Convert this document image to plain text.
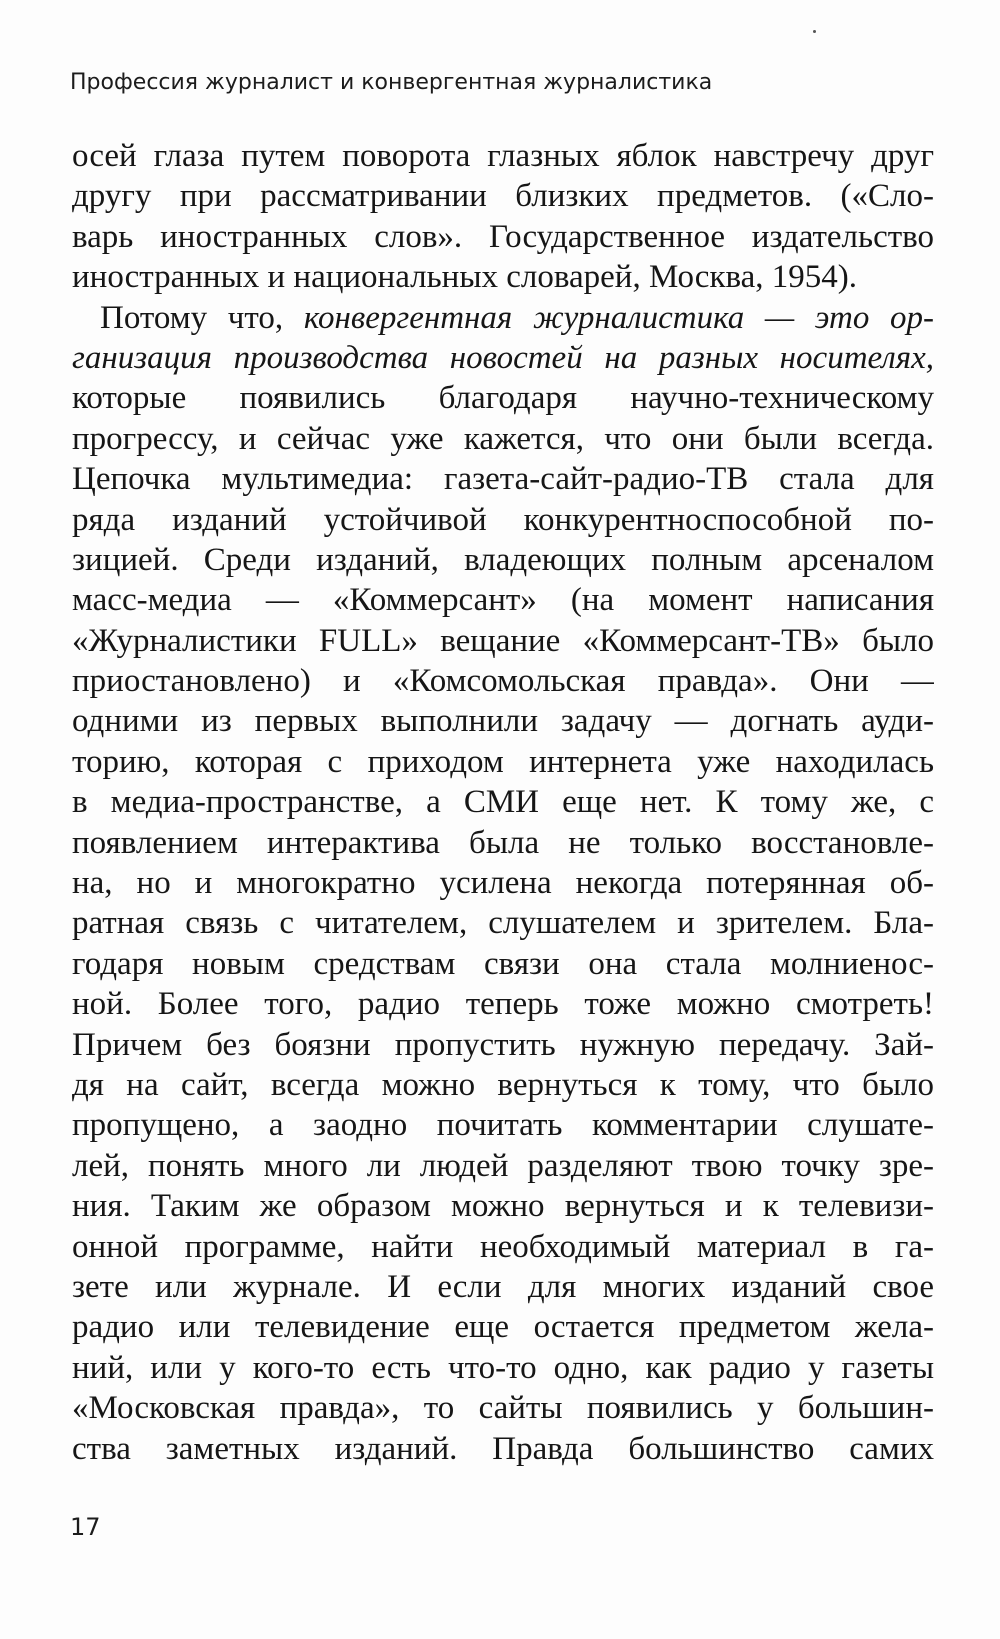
Профессия журналист и конвергентная журналистика
осей глаза путем поворота глазных яблок навстречу друг
другу при рассматривании близких предметов. («Сло-
варь иностранных слов». Государственное издательство
иностранных и национальных словарей, Москва, 1954).
Потому что, конвергентная журналистика — это ор-
ганизация производства новостей на разных носителях,
которые появились благодаря научно-техническому
прогрессу, и сейчас уже кажется, что они были всегда.
Цепочка мультимедиа: газета-сайт-радио-ТВ стала для
ряда изданий устойчивой конкурентноспособной по-
зицией. Среди изданий, владеющих полным арсеналом
масс-медиа — «Коммерсант» (на момент написания
«Журналистики FULL» вещание «Коммерсант-ТВ» было
приостановлено) и «Комсомольская правда». Они —
одними из первых выполнили задачу — догнать ауди-
торию, которая с приходом интернета уже находилась
в медиа-пространстве, а СМИ еще нет. К тому же, с
появлением интерактива была не только восстановле-
на, но и многократно усилена некогда потерянная об-
ратная связь с читателем, слушателем и зрителем. Бла-
годаря новым средствам связи она стала молниенос-
ной. Более того, радио теперь тоже можно смотреть!
Причем без боязни пропустить нужную передачу. Зай-
дя на сайт, всегда можно вернуться к тому, что было
пропущено, а заодно почитать комментарии слушате-
лей, понять много ли людей разделяют твою точку зре-
ния. Таким же образом можно вернуться и к телевизи-
онной программе, найти необходимый материал в га-
зете или журнале. И если для многих изданий свое
радио или телевидение еще остается предметом жела-
ний, или у кого-то есть что-то одно, как радио у газеты
«Московская правда», то сайты появились у большин-
ства заметных изданий. Правда большинство самих
17
